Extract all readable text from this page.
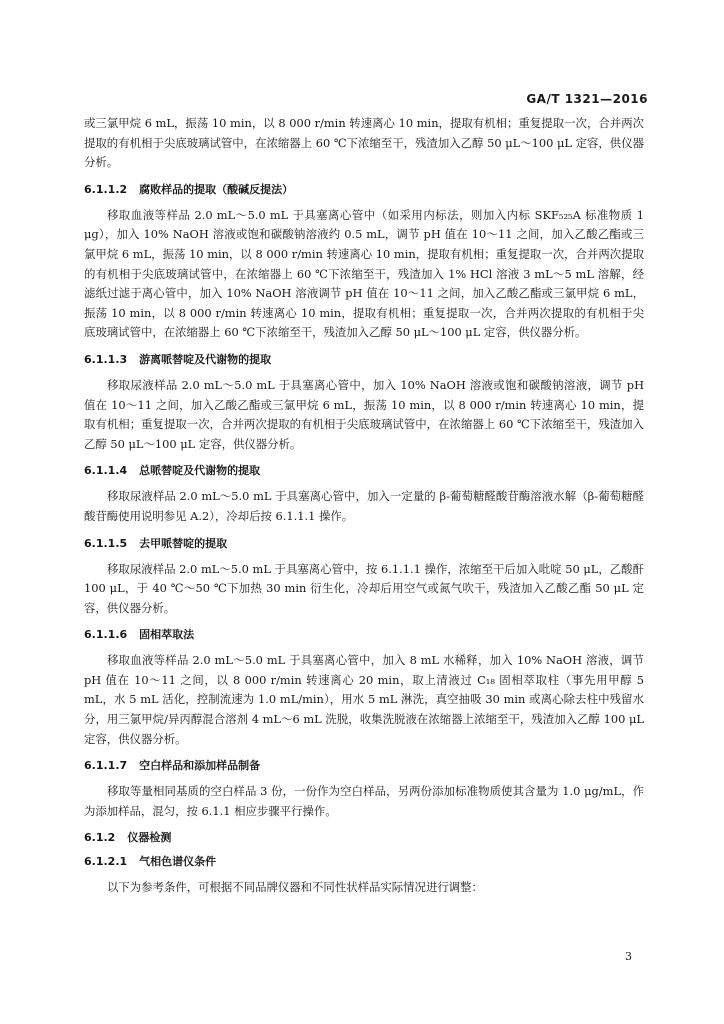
GA/T 1321—2016

或三氯甲烷 6 mL，振荡 10 min，以 8 000 r/min 转速离心 10 min，提取有机相；重复提取一次，合并两次提取的有机相于尖底玻璃试管中，在浓缩器上 60 ℃下浓缩至干，残渣加入乙醇 50 μL～100 μL 定容，供仪器分析。

6.1.1.2 腐败样品的提取（酸碱反提法）

移取血液等样品 2.0 mL～5.0 mL 于具塞离心管中（如采用内标法，则加入内标 SKF₅₂₅A 标准物质 1 μg），加入 10% NaOH 溶液或饱和碳酸钠溶液约 0.5 mL，调节 pH 值在 10～11 之间，加入乙酸乙酯或三氯甲烷 6 mL，振荡 10 min，以 8 000 r/min 转速离心 10 min，提取有机相；重复提取一次，合并两次提取的有机相于尖底玻璃试管中，在浓缩器上 60 ℃下浓缩至干，残渣加入 1% HCl 溶液 3 mL～5 mL 溶解，经滤纸过滤于离心管中，加入 10% NaOH 溶液调节 pH 值在 10～11 之间，加入乙酸乙酯或三氯甲烷 6 mL，振荡 10 min，以 8 000 r/min 转速离心 10 min，提取有机相；重复提取一次，合并两次提取的有机相于尖底玻璃试管中，在浓缩器上 60 ℃下浓缩至干，残渣加入乙醇 50 μL～100 μL 定容，供仪器分析。

6.1.1.3 游离哌替啶及代谢物的提取

移取尿液样品 2.0 mL～5.0 mL 于具塞离心管中，加入 10% NaOH 溶液或饱和碳酸钠溶液，调节 pH 值在 10～11 之间，加入乙酸乙酯或三氯甲烷 6 mL，振荡 10 min，以 8 000 r/min 转速离心 10 min，提取有机相；重复提取一次，合并两次提取的有机相于尖底玻璃试管中，在浓缩器上 60 ℃下浓缩至干，残渣加入乙醇 50 μL～100 μL 定容，供仪器分析。

6.1.1.4 总哌替啶及代谢物的提取

移取尿液样品 2.0 mL～5.0 mL 于具塞离心管中，加入一定量的 β-葡萄糖醛酸苷酶溶液水解（β-葡萄糖醛酸苷酶使用说明参见 A.2），冷却后按 6.1.1.1 操作。

6.1.1.5 去甲哌替啶的提取

移取尿液样品 2.0 mL～5.0 mL 于具塞离心管中，按 6.1.1.1 操作，浓缩至干后加入吡啶 50 μL，乙酸酐 100 μL，于 40 ℃～50 ℃下加热 30 min 衍生化，冷却后用空气或氮气吹干，残渣加入乙酸乙酯 50 μL 定容，供仪器分析。

6.1.1.6 固相萃取法

移取血液等样品 2.0 mL～5.0 mL 于具塞离心管中，加入 8 mL 水稀释，加入 10% NaOH 溶液，调节 pH 值在 10～11 之间，以 8 000 r/min 转速离心 20 min，取上清液过 C₁₈ 固相萃取柱（事先用甲醇 5 mL，水 5 mL 活化，控制流速为 1.0 mL/min），用水 5 mL 淋洗，真空抽吸 30 min 或离心除去柱中残留水分，用三氯甲烷/异丙醇混合溶剂 4 mL～6 mL 洗脱，收集洗脱液在浓缩器上浓缩至干，残渣加入乙醇 100 μL 定容，供仪器分析。

6.1.1.7 空白样品和添加样品制备

移取等量相同基质的空白样品 3 份，一份作为空白样品，另两份添加标准物质使其含量为 1.0 μg/mL，作为添加样品，混匀，按 6.1.1 相应步骤平行操作。

6.1.2 仪器检测
6.1.2.1 气相色谱仪条件

以下为参考条件，可根据不同品牌仪器和不同性状样品实际情况进行调整：

3
